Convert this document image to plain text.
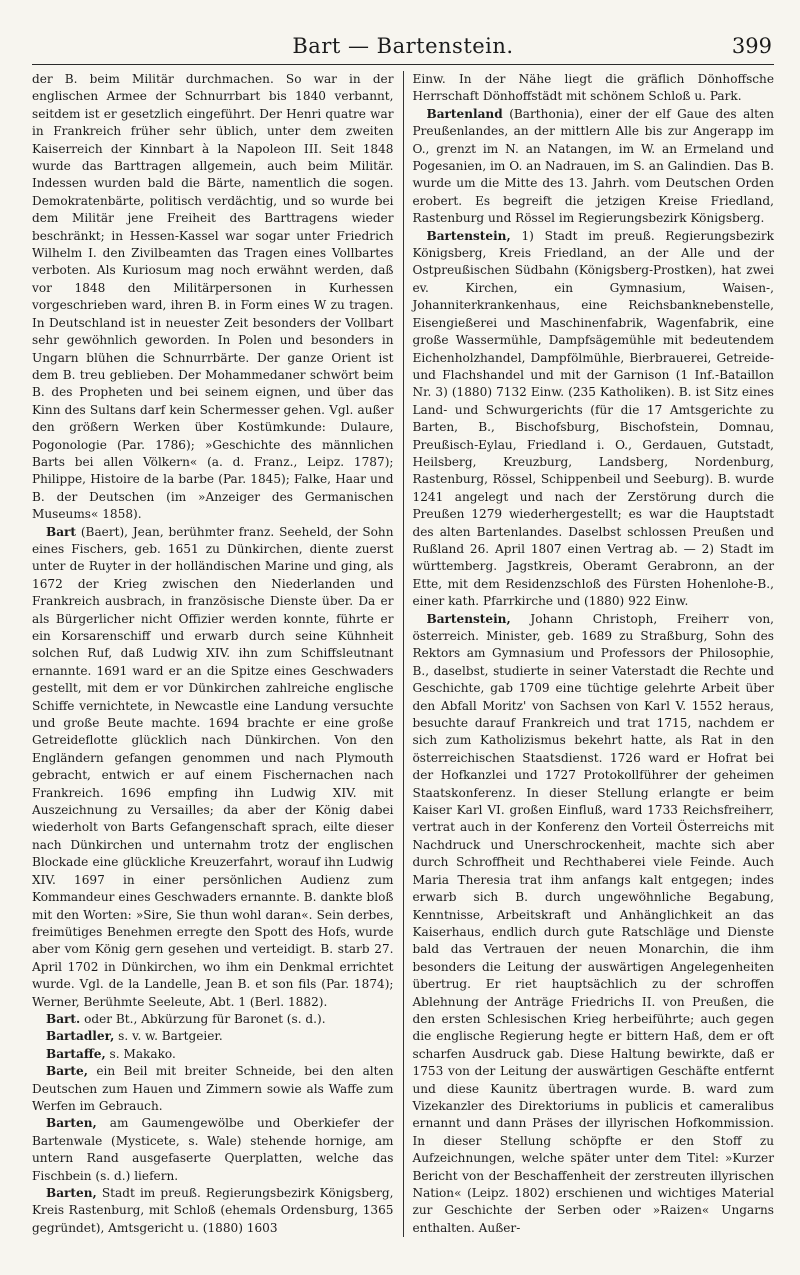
Bart — Bartenstein.	399

der B. beim Militär durchmachen. So war in der englischen Armee der Schnurrbart bis 1840 verbannt, seitdem ist er gesetzlich eingeführt. Der Henri quatre war in Frankreich früher sehr üblich, unter dem zweiten Kaiserreich der Kinnbart à la Napoleon III. Seit 1848 wurde das Barttragen allgemein, auch beim Militär. Indessen wurden bald die Bärte, namentlich die sogen. Demokratenbärte, politisch verdächtig, und so wurde bei dem Militär jene Freiheit des Barttragens wieder beschränkt; in Hessen-Kassel war sogar unter Friedrich Wilhelm I. den Zivilbeamten das Tragen eines Vollbartes verboten. Als Kuriosum mag noch erwähnt werden, daß vor 1848 den Militärpersonen in Kurhessen vorgeschrieben ward, ihren B. in Form eines W zu tragen. In Deutschland ist in neuester Zeit besonders der Vollbart sehr gewöhnlich geworden. In Polen und besonders in Ungarn blühen die Schnurrbärte. Der ganze Orient ist dem B. treu geblieben. Der Mohammedaner schwört beim B. des Propheten und bei seinem eignen, und über das Kinn des Sultans darf kein Schermesser gehen. Vgl. außer den größern Werken über Kostümkunde: Dulaure, Pogonologie (Par. 1786); »Geschichte des männlichen Barts bei allen Völkern« (a. d. Franz., Leipz. 1787); Philippe, Histoire de la barbe (Par. 1845); Falke, Haar und B. der Deutschen (im »Anzeiger des Germanischen Museums« 1858).

Bart (Baert), Jean, berühmter franz. Seeheld, der Sohn eines Fischers, geb. 1651 zu Dünkirchen, diente zuerst unter de Ruyter in der holländischen Marine und ging, als 1672 der Krieg zwischen den Niederlanden und Frankreich ausbrach, in französische Dienste über. Da er als Bürgerlicher nicht Offizier werden konnte, führte er ein Korsarenschiff und erwarb durch seine Kühnheit solchen Ruf, daß Ludwig XIV. ihn zum Schiffsleutnant ernannte. 1691 ward er an die Spitze eines Geschwaders gestellt, mit dem er vor Dünkirchen zahlreiche englische Schiffe vernichtete, in Newcastle eine Landung versuchte und große Beute machte. 1694 brachte er eine große Getreideflotte glücklich nach Dünkirchen. Von den Engländern gefangen genommen und nach Plymouth gebracht, entwich er auf einem Fischernachen nach Frankreich. 1696 empfing ihn Ludwig XIV. mit Auszeichnung zu Versailles; da aber der König dabei wiederholt von Barts Gefangenschaft sprach, eilte dieser nach Dünkirchen und unternahm trotz der englischen Blockade eine glückliche Kreuzerfahrt, worauf ihn Ludwig XIV. 1697 in einer persönlichen Audienz zum Kommandeur eines Geschwaders ernannte. B. dankte bloß mit den Worten: »Sire, Sie thun wohl daran«. Sein derbes, freimütiges Benehmen erregte den Spott des Hofs, wurde aber vom König gern gesehen und verteidigt. B. starb 27. April 1702 in Dünkirchen, wo ihm ein Denkmal errichtet wurde. Vgl. de la Landelle, Jean B. et son fils (Par. 1874); Werner, Berühmte Seeleute, Abt. 1 (Berl. 1882).

Bart. oder Bt., Abkürzung für Baronet (s. d.).

Bartadler, s. v. w. Bartgeier.

Bartaffe, s. Makako.

Barte, ein Beil mit breiter Schneide, bei den alten Deutschen zum Hauen und Zimmern sowie als Waffe zum Werfen im Gebrauch.

Barten, am Gaumengewölbe und Oberkiefer der Bartenwale (Mysticete, s. Wale) stehende hornige, am untern Rand ausgefaserte Querplatten, welche das Fischbein (s. d.) liefern.

Barten, Stadt im preuß. Regierungsbezirk Königsberg, Kreis Rastenburg, mit Schloß (ehemals Ordensburg, 1365 gegründet), Amtsgericht u. (1880) 1603

Einw. In der Nähe liegt die gräflich Dönhoffsche Herrschaft Dönhoffstädt mit schönem Schloß u. Park.

Bartenland (Barthonia), einer der elf Gaue des alten Preußenlandes, an der mittlern Alle bis zur Angerapp im O., grenzt im N. an Natangen, im W. an Ermeland und Pogesanien, im O. an Nadrauen, im S. an Galindien. Das B. wurde um die Mitte des 13. Jahrh. vom Deutschen Orden erobert. Es begreift die jetzigen Kreise Friedland, Rastenburg und Rössel im Regierungsbezirk Königsberg.

Bartenstein, 1) Stadt im preuß. Regierungsbezirk Königsberg, Kreis Friedland, an der Alle und der Ostpreußischen Südbahn (Königsberg-Prostken), hat zwei ev. Kirchen, ein Gymnasium, Waisen-, Johanniterkrankenhaus, eine Reichsbanknebenstelle, Eisengießerei und Maschinenfabrik, Wagenfabrik, eine große Wassermühle, Dampfsägemühle mit bedeutendem Eichenholzhandel, Dampfölmühle, Bierbrauerei, Getreide- und Flachshandel und mit der Garnison (1 Inf.-Bataillon Nr. 3) (1880) 7132 Einw. (235 Katholiken). B. ist Sitz eines Land- und Schwurgerichts (für die 17 Amtsgerichte zu Barten, B., Bischofsburg, Bischofstein, Domnau, Preußisch-Eylau, Friedland i. O., Gerdauen, Gutstadt, Heilsberg, Kreuzburg, Landsberg, Nordenburg, Rastenburg, Rössel, Schippenbeil und Seeburg). B. wurde 1241 angelegt und nach der Zerstörung durch die Preußen 1279 wiederhergestellt; es war die Hauptstadt des alten Bartenlandes. Daselbst schlossen Preußen und Rußland 26. April 1807 einen Vertrag ab. — 2) Stadt im württemberg. Jagstkreis, Oberamt Gerabronn, an der Ette, mit dem Residenzschloß des Fürsten Hohenlohe-B., einer kath. Pfarrkirche und (1880) 922 Einw.

Bartenstein, Johann Christoph, Freiherr von, österreich. Minister, geb. 1689 zu Straßburg, Sohn des Rektors am Gymnasium und Professors der Philosophie, B., daselbst, studierte in seiner Vaterstadt die Rechte und Geschichte, gab 1709 eine tüchtige gelehrte Arbeit über den Abfall Moritz' von Sachsen von Karl V. 1552 heraus, besuchte darauf Frankreich und trat 1715, nachdem er sich zum Katholizismus bekehrt hatte, als Rat in den österreichischen Staatsdienst. 1726 ward er Hofrat bei der Hofkanzlei und 1727 Protokollführer der geheimen Staatskonferenz. In dieser Stellung erlangte er beim Kaiser Karl VI. großen Einfluß, ward 1733 Reichsfreiherr, vertrat auch in der Konferenz den Vorteil Österreichs mit Nachdruck und Unerschrockenheit, machte sich aber durch Schroffheit und Rechthaberei viele Feinde. Auch Maria Theresia trat ihm anfangs kalt entgegen; indes erwarb sich B. durch ungewöhnliche Begabung, Kenntnisse, Arbeitskraft und Anhänglichkeit an das Kaiserhaus, endlich durch gute Ratschläge und Dienste bald das Vertrauen der neuen Monarchin, die ihm besonders die Leitung der auswärtigen Angelegenheiten übertrug. Er riet hauptsächlich zu der schroffen Ablehnung der Anträge Friedrichs II. von Preußen, die den ersten Schlesischen Krieg herbeiführte; auch gegen die englische Regierung hegte er bittern Haß, dem er oft scharfen Ausdruck gab. Diese Haltung bewirkte, daß er 1753 von der Leitung der auswärtigen Geschäfte entfernt und diese Kaunitz übertragen wurde. B. ward zum Vizekanzler des Direktoriums in publicis et cameralibus ernannt und dann Präses der illyrischen Hofkommission. In dieser Stellung schöpfte er den Stoff zu Aufzeichnungen, welche später unter dem Titel: »Kurzer Bericht von der Beschaffenheit der zerstreuten illyrischen Nation« (Leipz. 1802) erschienen und wichtiges Material zur Geschichte der Serben oder »Raizen« Ungarns enthalten. Außer-
